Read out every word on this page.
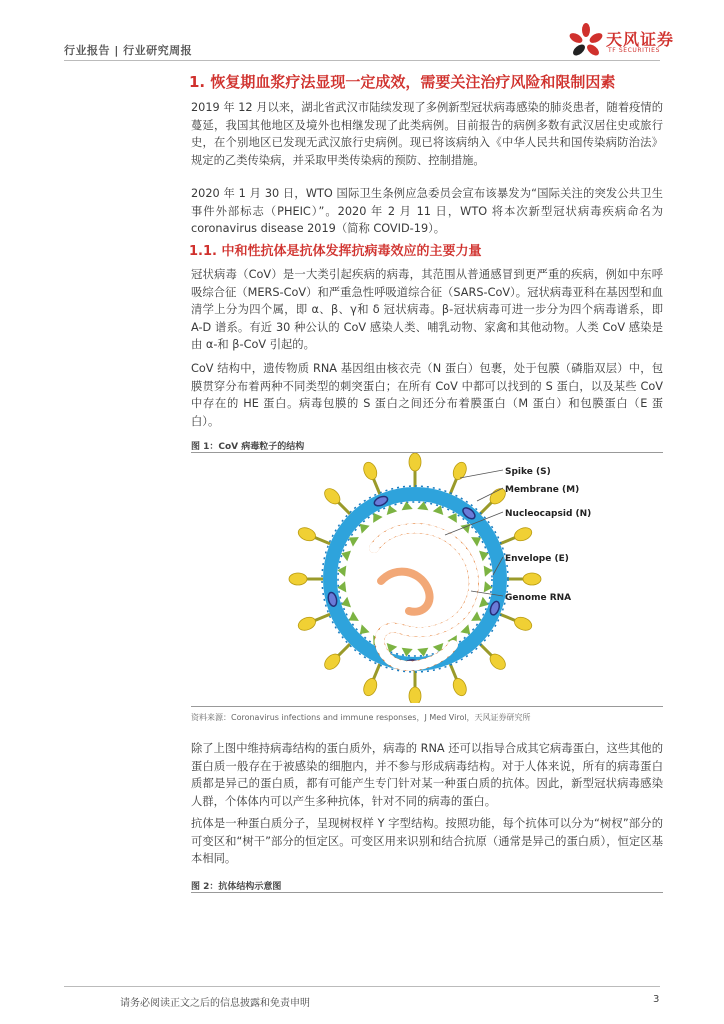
行业报告 | 行业研究周报
天风证券
TF SECURITIES
1. 恢复期血浆疗法显现一定成效，需要关注治疗风险和限制因素

2019 年 12 月以来，湖北省武汉市陆续发现了多例新型冠状病毒感染的肺炎患者，随着疫情的蔓延，我国其他地区及境外也相继发现了此类病例。目前报告的病例多数有武汉居住史或旅行史，在个别地区已发现无武汉旅行史病例。现已将该病纳入《中华人民共和国传染病防治法》规定的乙类传染病，并采取甲类传染病的预防、控制措施。

2020 年 1 月 30 日，WTO 国际卫生条例应急委员会宣布该暴发为“国际关注的突发公共卫生事件外部标志（PHEIC）”。2020 年 2 月 11 日，WTO 将本次新型冠状病毒疾病命名为 coronavirus disease 2019（简称 COVID-19）。

1.1. 中和性抗体是抗体发挥抗病毒效应的主要力量

冠状病毒（CoV）是一大类引起疾病的病毒，其范围从普通感冒到更严重的疾病，例如中东呼吸综合征（MERS-CoV）和严重急性呼吸道综合征（SARS-CoV）。冠状病毒亚科在基因型和血清学上分为四个属，即 α、β、γ和 δ 冠状病毒。β-冠状病毒可进一步分为四个病毒谱系，即 A-D 谱系。有近 30 种公认的 CoV 感染人类、哺乳动物、家禽和其他动物。人类 CoV 感染是由 α-和 β-CoV 引起的。

CoV 结构中，遗传物质 RNA 基因组由核衣壳（N 蛋白）包裹，处于包膜（磷脂双层）中，包膜贯穿分布着两种不同类型的刺突蛋白；在所有 CoV 中都可以找到的 S 蛋白，以及某些 CoV 中存在的 HE 蛋白。病毒包膜的 S 蛋白之间还分布着膜蛋白（M 蛋白）和包膜蛋白（E 蛋白）。

图 1：CoV 病毒粒子的结构
Spike (S)
Membrane (M)
Nucleocapsid (N)
Envelope (E)
Genome RNA
资料来源：Coronavirus infections and immune responses，J Med Virol，天风证券研究所

除了上图中维持病毒结构的蛋白质外，病毒的 RNA 还可以指导合成其它病毒蛋白，这些其他的蛋白质一般存在于被感染的细胞内，并不参与形成病毒结构。对于人体来说，所有的病毒蛋白质都是异己的蛋白质，都有可能产生专门针对某一种蛋白质的抗体。因此，新型冠状病毒感染人群，个体体内可以产生多种抗体，针对不同的病毒的蛋白。

抗体是一种蛋白质分子，呈现树杈样 Y 字型结构。按照功能，每个抗体可以分为“树杈”部分的可变区和“树干”部分的恒定区。可变区用来识别和结合抗原（通常是异己的蛋白质），恒定区基本相同。

图 2：抗体结构示意图
请务必阅读正文之后的信息披露和免责申明	3
